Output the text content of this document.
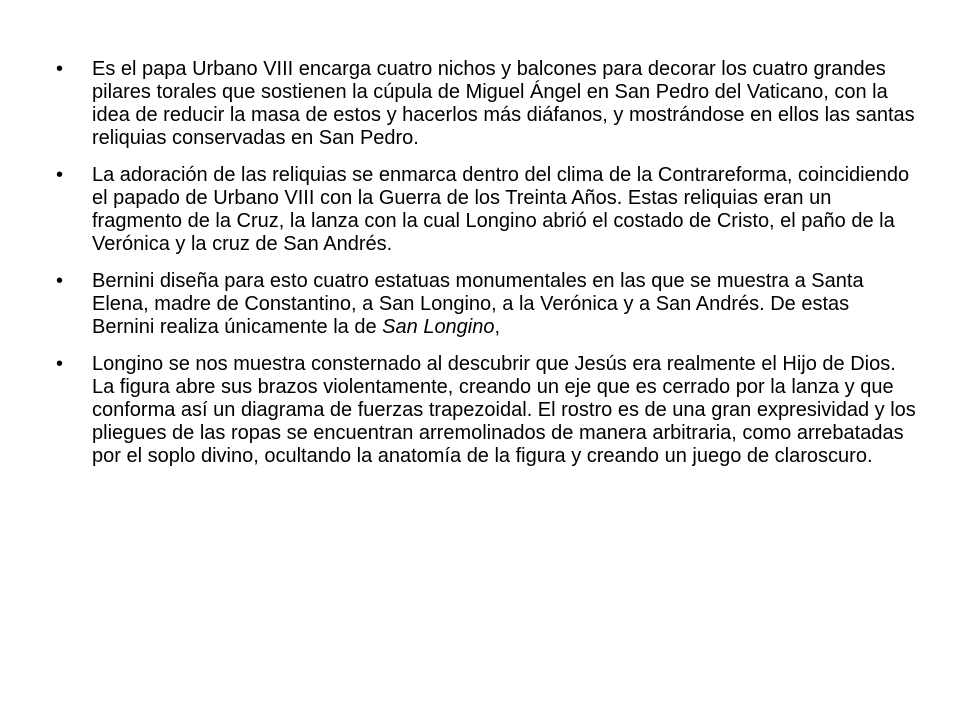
• Es el papa Urbano VIII encarga cuatro nichos y balcones para decorar los cuatro grandes pilares torales que sostienen la cúpula de Miguel Ángel en San Pedro del Vaticano, con la idea de reducir la masa de estos y hacerlos más diáfanos, y mostrándose en ellos las santas reliquias conservadas en San Pedro.
• La adoración de las reliquias se enmarca dentro del clima de la Contrareforma, coincidiendo el papado de Urbano VIII con la Guerra de los Treinta Años. Estas reliquias eran un fragmento de la Cruz, la lanza con la cual Longino abrió el costado de Cristo, el paño de la Verónica y la cruz de San Andrés.
• Bernini diseña para esto cuatro estatuas monumentales en las que se muestra a Santa Elena, madre de Constantino, a San Longino, a la Verónica y a San Andrés. De estas Bernini realiza únicamente la de San Longino,
• Longino se nos muestra consternado al descubrir que Jesús era realmente el Hijo de Dios. La figura abre sus brazos violentamente, creando un eje que es cerrado por la lanza y que conforma así un diagrama de fuerzas trapezoidal. El rostro es de una gran expresividad y los pliegues de las ropas se encuentran arremolinados de manera arbitraria, como arrebatadas por el soplo divino, ocultando la anatomía de la figura y creando un juego de claroscuro.
